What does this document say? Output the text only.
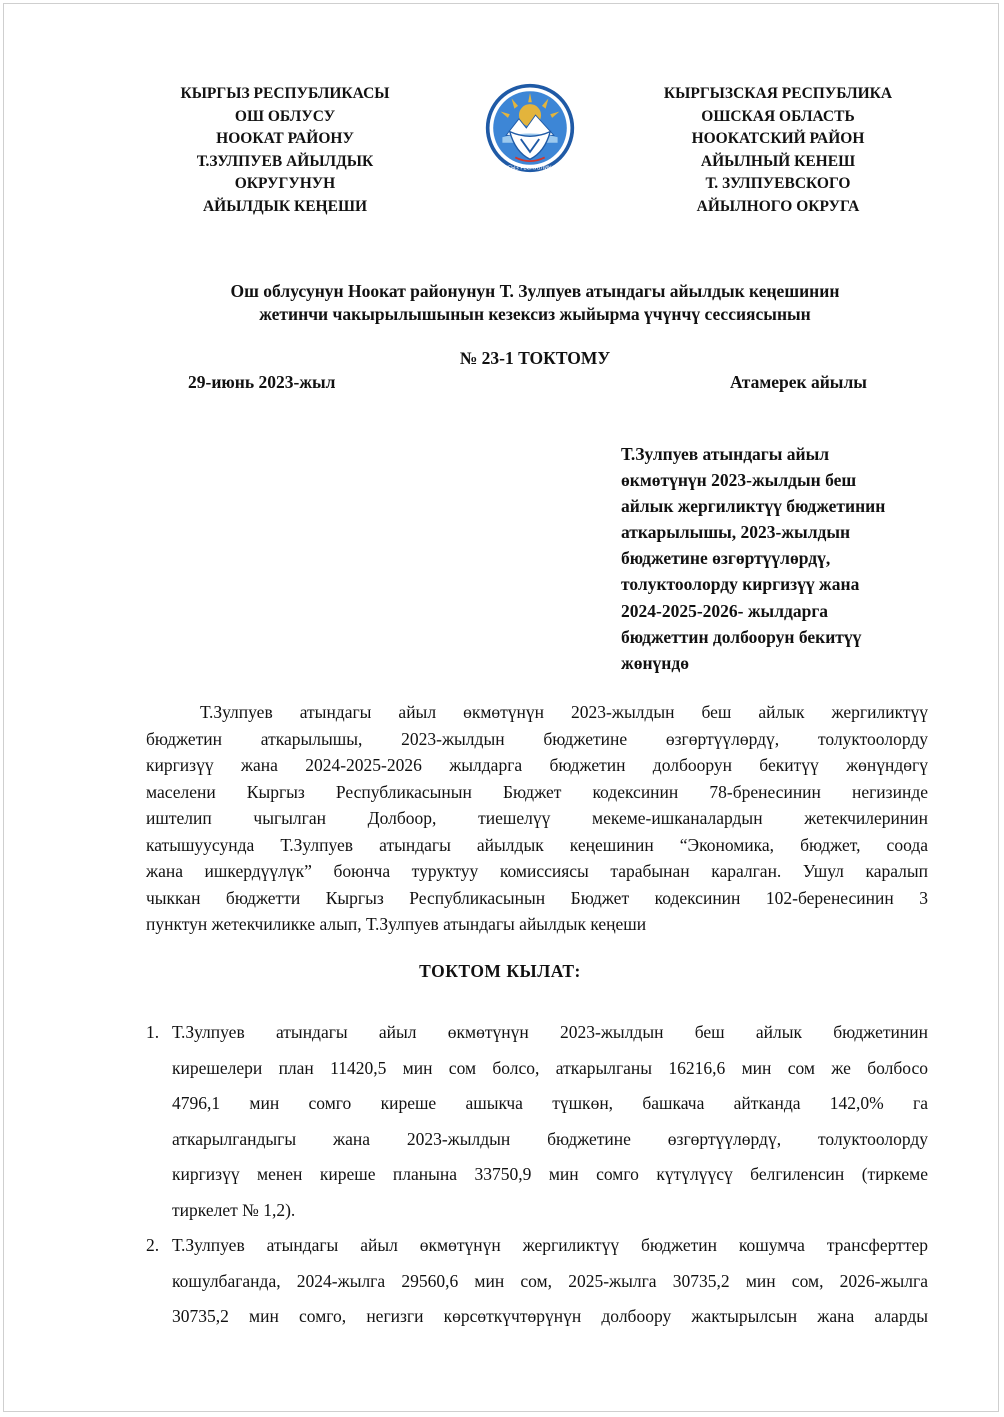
КЫРГЫЗ РЕСПУБЛИКАСЫ
ОШ ОБЛУСУ
НООКАТ РАЙОНУ
Т.ЗУЛПУЕВ АЙЫЛДЫК
ОКРУГУНУН
АЙЫЛДЫК КЕҢЕШИ
КЫРГЫЗ РЕСПУБЛИКАСЫ
КЫРГЫЗСКАЯ РЕСПУБЛИКА
ОШСКАЯ ОБЛАСТЬ
НООКАТСКИЙ РАЙОН
АЙЫЛНЫЙ КЕНЕШ
Т. ЗУЛПУЕВСКОГО
АЙЫЛНОГО ОКРУГА
Ош облусунун Ноокат районунун Т. Зулпуев атындагы айылдык кеңешинин
жетинчи чакырылышынын кезексиз жыйырма үчүнчү сессиясынын
№ 23-1 ТОКТОМУ
29-июнь 2023-жыл	Атамерек айылы
Т.Зулпуев атындагы айыл
өкмөтүнүн 2023-жылдын беш
айлык жергиликтүү бюджетинин
аткарылышы, 2023-жылдын
бюджетине өзгөртүүлөрдү,
толуктоолорду киргизүү жана
2024-2025-2026- жылдарга
бюджеттин долбоорун бекитүү
жөнүндө
Т.Зулпуев атындагы айыл өкмөтүнүн 2023-жылдын беш айлык жергиликтүү
бюджетин аткарылышы, 2023-жылдын бюджетине өзгөртүүлөрдү, толуктоолорду
киргизүү жана 2024-2025-2026 жылдарга бюджетин долбоорун бекитүү жөнүндөгү
маселени Кыргыз Республикасынын Бюджет кодексинин 78-бренесинин негизинде
иштелип чыгылган Долбоор, тиешелүү мекеме-ишканалардын жетекчилеринин
катышуусунда Т.Зулпуев атындагы айылдык кеңешинин “Экономика, бюджет, соода
жана ишкердүүлүк” боюнча туруктуу комиссиясы тарабынан каралган. Ушул каралып
чыккан бюджетти Кыргыз Республикасынын Бюджет кодексинин 102-беренесинин 3
пунктун жетекчиликке алып, Т.Зулпуев атындагы айылдык кеңеши
ТОКТОМ КЫЛАТ:
1. Т.Зулпуев атындагы айыл өкмөтүнүн 2023-жылдын беш айлык бюджетинин
кирешелери план 11420,5 мин сом болсо, аткарылганы 16216,6 мин сом же болбосо
4796,1 мин сомго киреше ашыкча түшкөн, башкача айтканда 142,0% га
аткарылгандыгы жана 2023-жылдын бюджетине өзгөртүүлөрдү, толуктоолорду
киргизүү менен киреше планына 33750,9 мин сомго күтүлүүсү белгиленсин (тиркеме
тиркелет № 1,2).
2. Т.Зулпуев атындагы айыл өкмөтүнүн жергиликтүү бюджетин кошумча трансферттер
кошулбаганда, 2024-жылга 29560,6 мин сом, 2025-жылга 30735,2 мин сом, 2026-жылга
30735,2 мин сомго, негизги көрсөткүчтөрүнүн долбоору жактырылсын жана аларды
